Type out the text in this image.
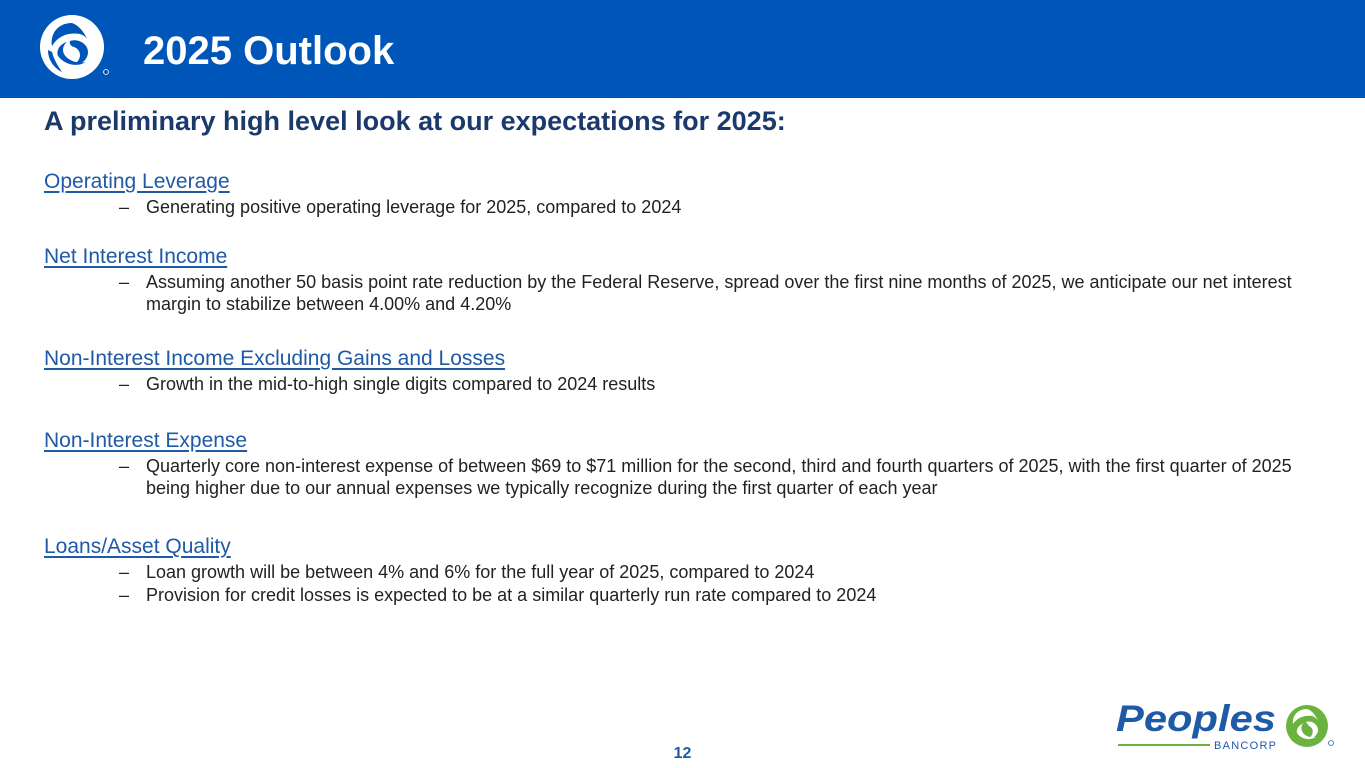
2025 Outlook
A preliminary high level look at our expectations for 2025:
Operating Leverage
– Generating positive operating leverage for 2025, compared to 2024
Net Interest Income
– Assuming another 50 basis point rate reduction by the Federal Reserve, spread over the first nine months of 2025, we anticipate our net interest margin to stabilize between 4.00% and 4.20%
Non-Interest Income Excluding Gains and Losses
– Growth in the mid-to-high single digits compared to 2024 results
Non-Interest Expense
– Quarterly core non-interest expense of between $69 to $71 million for the second, third and fourth quarters of 2025, with the first quarter of 2025 being higher due to our annual expenses we typically recognize during the first quarter of each year
Loans/Asset Quality
– Loan growth will be between 4% and 6% for the full year of 2025, compared to 2024
– Provision for credit losses is expected to be at a similar quarterly run rate compared to 2024
12
Peoples
BANCORP
